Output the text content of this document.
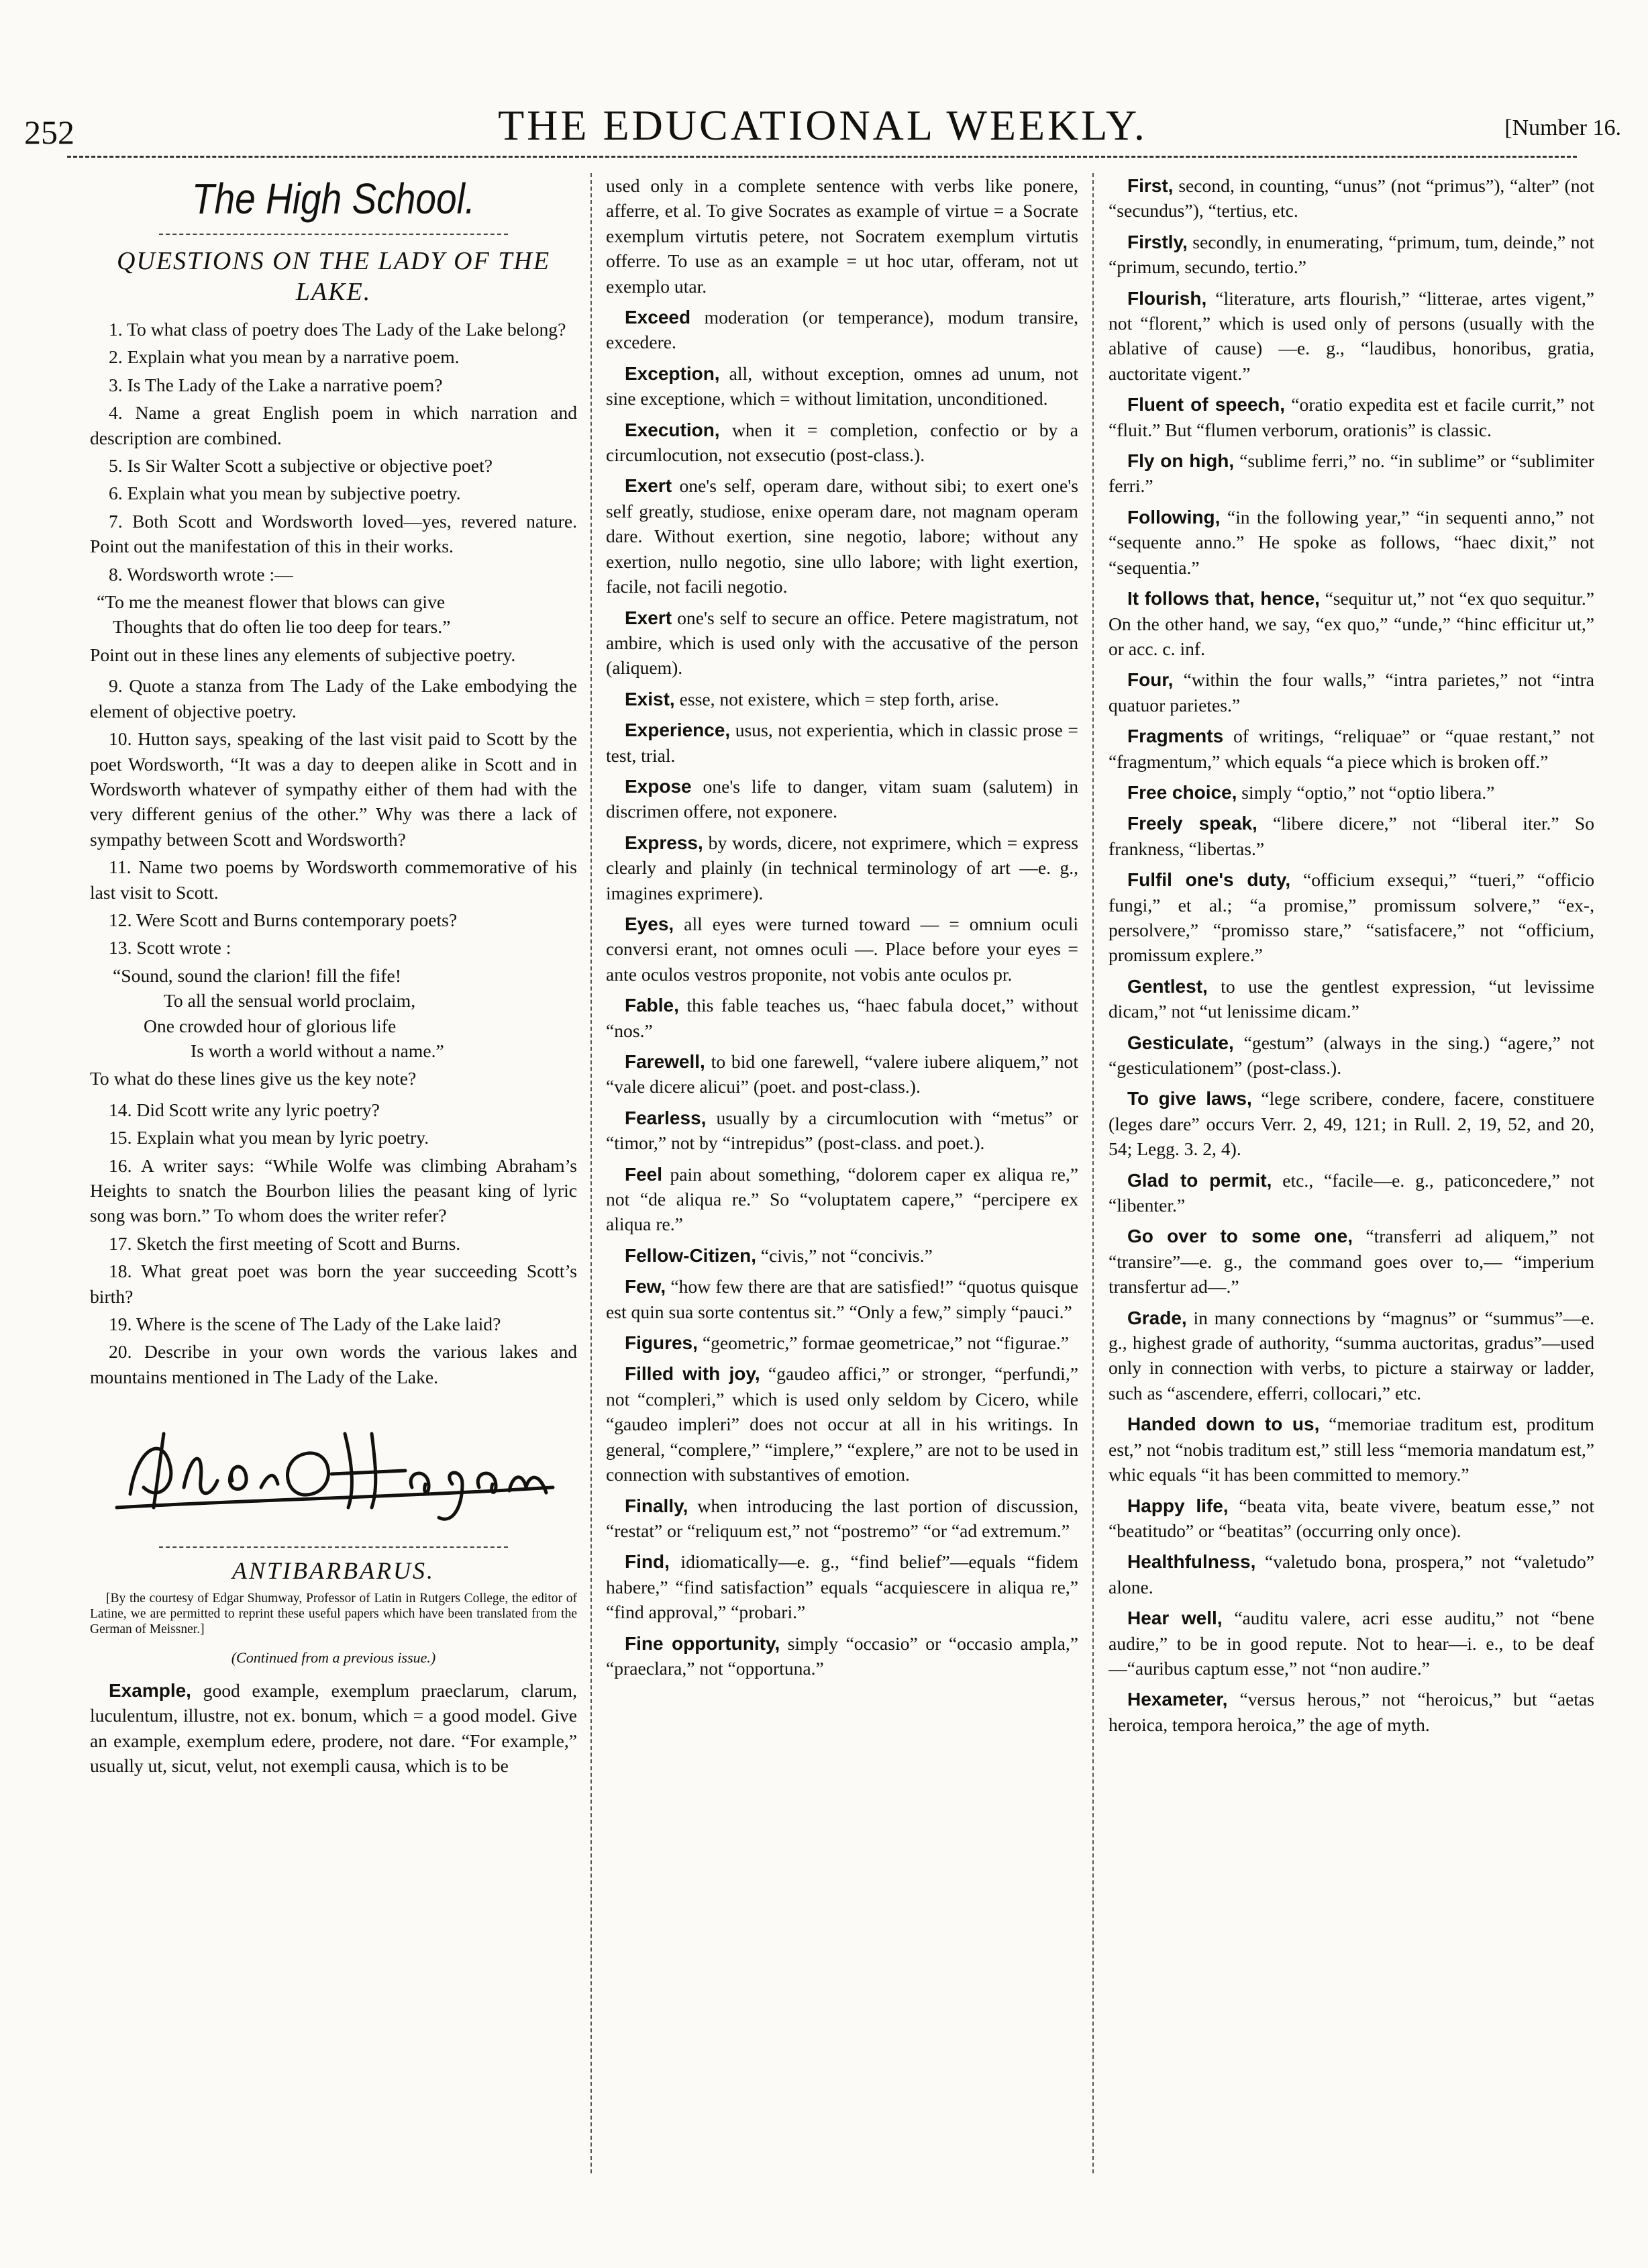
252	THE EDUCATIONAL WEEKLY.	[Number 16.
The High School.
QUESTIONS ON THE LADY OF THE LAKE.

1. To what class of poetry does The Lady of the Lake belong?

2. Explain what you mean by a narrative poem.

3. Is The Lady of the Lake a narrative poem?

4. Name a great English poem in which narration and description are combined.

5. Is Sir Walter Scott a subjective or objective poet?

6. Explain what you mean by subjective poetry.

7. Both Scott and Wordsworth loved—yes, revered nature. Point out the manifestation of this in their works.

8. Wordsworth wrote :—

“To me the meanest flower that blows can give
Thoughts that do often lie too deep for tears.”

Point out in these lines any elements of subjective poetry.

9. Quote a stanza from The Lady of the Lake embodying the element of objective poetry.

10. Hutton says, speaking of the last visit paid to Scott by the poet Wordsworth, “It was a day to deepen alike in Scott and in Wordsworth whatever of sympathy either of them had with the very different genius of the other.” Why was there a lack of sympathy between Scott and Wordsworth?

11. Name two poems by Wordsworth commemorative of his last visit to Scott.

12. Were Scott and Burns contemporary poets?

13. Scott wrote :

“Sound, sound the clarion! fill the fife!
To all the sensual world proclaim,
One crowded hour of glorious life
Is worth a world without a name.”

To what do these lines give us the key note?

14. Did Scott write any lyric poetry?

15. Explain what you mean by lyric poetry.

16. A writer says: “While Wolfe was climbing Abraham’s Heights to snatch the Bourbon lilies the peasant king of lyric song was born.” To whom does the writer refer?

17. Sketch the first meeting of Scott and Burns.

18. What great poet was born the year succeeding Scott’s birth?

19. Where is the scene of The Lady of the Lake laid?

20. Describe in your own words the various lakes and mountains mentioned in The Lady of the Lake.

ANTIBARBARUS.

[By the courtesy of Edgar Shumway, Professor of Latin in Rutgers College, the editor of Latine, we are permitted to reprint these useful papers which have been translated from the German of Meissner.]

(Continued from a previous issue.)

Example, good example, exemplum praeclarum, clarum, luculentum, illustre, not ex. bonum, which = a good model. Give an example, exemplum edere, prodere, not dare. “For example,” usually ut, sicut, velut, not exempli causa, which is to be

used only in a complete sentence with verbs like ponere, afferre, et al. To give Socrates as example of virtue = a Socrate exemplum virtutis petere, not Socratem exemplum virtutis offerre. To use as an example = ut hoc utar, offeram, not ut exemplo utar.

Exceed moderation (or temperance), modum transire, excedere.

Exception, all, without exception, omnes ad unum, not sine exceptione, which = without limitation, unconditioned.

Execution, when it = completion, confectio or by a circumlocution, not exsecutio (post-class.).

Exert one's self, operam dare, without sibi; to exert one's self greatly, studiose, enixe operam dare, not magnam operam dare. Without exertion, sine negotio, labore; without any exertion, nullo negotio, sine ullo labore; with light exertion, facile, not facili negotio.

Exert one's self to secure an office. Petere magistratum, not ambire, which is used only with the accusative of the person (aliquem).

Exist, esse, not existere, which = step forth, arise.

Experience, usus, not experientia, which in classic prose = test, trial.

Expose one's life to danger, vitam suam (salutem) in discrimen offere, not exponere.

Express, by words, dicere, not exprimere, which = express clearly and plainly (in technical terminology of art —e. g., imagines exprimere).

Eyes, all eyes were turned toward — = omnium oculi conversi erant, not omnes oculi —. Place before your eyes = ante oculos vestros proponite, not vobis ante oculos pr.

Fable, this fable teaches us, “haec fabula docet,” without “nos.”

Farewell, to bid one farewell, “valere iubere aliquem,” not “vale dicere alicui” (poet. and post-class.).

Fearless, usually by a circumlocution with “metus” or “timor,” not by “intrepidus” (post-class. and poet.).

Feel pain about something, “dolorem caper ex aliqua re,” not “de aliqua re.” So “voluptatem capere,” “percipere ex aliqua re.”

Fellow-Citizen, “civis,” not “concivis.”

Few, “how few there are that are satisfied!” “quotus quisque est quin sua sorte contentus sit.” “Only a few,” simply “pauci.”

Figures, “geometric,” formae geometricae,” not “figurae.”

Filled with joy, “gaudeo affici,” or stronger, “perfundi,” not “compleri,” which is used only seldom by Cicero, while “gaudeo impleri” does not occur at all in his writings. In general, “complere,” “implere,” “explere,” are not to be used in connection with substantives of emotion.

Finally, when introducing the last portion of discussion, “restat” or “reliquum est,” not “postremo” “or “ad extremum.”

Find, idiomatically—e. g., “find belief”—equals “fidem habere,” “find satisfaction” equals “acquiescere in aliqua re,” “find approval,” “probari.”

Fine opportunity, simply “occasio” or “occasio ampla,” “praeclara,” not “opportuna.”

First, second, in counting, “unus” (not “primus”), “alter” (not “secundus”), “tertius, etc.

Firstly, secondly, in enumerating, “primum, tum, deinde,” not “primum, secundo, tertio.”

Flourish, “literature, arts flourish,” “litterae, artes vigent,” not “florent,” which is used only of persons (usually with the ablative of cause) —e. g., “laudibus, honoribus, gratia, auctoritate vigent.”

Fluent of speech, “oratio expedita est et facile currit,” not “fluit.” But “flumen verborum, orationis” is classic.

Fly on high, “sublime ferri,” no. “in sublime” or “sublimiter ferri.”

Following, “in the following year,” “in sequenti anno,” not “sequente anno.” He spoke as follows, “haec dixit,” not “sequentia.”

It follows that, hence, “sequitur ut,” not “ex quo sequitur.” On the other hand, we say, “ex quo,” “unde,” “hinc efficitur ut,” or acc. c. inf.

Four, “within the four walls,” “intra parietes,” not “intra quatuor parietes.”

Fragments of writings, “reliquae” or “quae restant,” not “fragmentum,” which equals “a piece which is broken off.”

Free choice, simply “optio,” not “optio libera.”

Freely speak, “libere dicere,” not “liberal iter.” So frankness, “libertas.”

Fulfil one's duty, “officium exsequi,” “tueri,” “officio fungi,” et al.; “a promise,” promissum solvere,” “ex-, persolvere,” “promisso stare,” “satisfacere,” not “officium, promissum explere.”

Gentlest, to use the gentlest expression, “ut levissime dicam,” not “ut lenissime dicam.”

Gesticulate, “gestum” (always in the sing.) “agere,” not “gesticulationem” (post-class.).

To give laws, “lege scribere, condere, facere, constituere (leges dare” occurs Verr. 2, 49, 121; in Rull. 2, 19, 52, and 20, 54; Legg. 3. 2, 4).

Glad to permit, etc., “facile—e. g., paticoncedere,” not “libenter.”

Go over to some one, “transferri ad aliquem,” not “transire”—e. g., the command goes over to,— “imperium transfertur ad—.”

Grade, in many connections by “magnus” or “summus”—e. g., highest grade of authority, “summa auctoritas, gradus”—used only in connection with verbs, to picture a stairway or ladder, such as “ascendere, efferri, collocari,” etc.

Handed down to us, “memoriae traditum est, proditum est,” not “nobis traditum est,” still less “memoria mandatum est,” whic equals “it has been committed to memory.”

Happy life, “beata vita, beate vivere, beatum esse,” not “beatitudo” or “beatitas” (occurring only once).

Healthfulness, “valetudo bona, prospera,” not “valetudo” alone.

Hear well, “auditu valere, acri esse auditu,” not “bene audire,” to be in good repute. Not to hear—i. e., to be deaf—“auribus captum esse,” not “non audire.”

Hexameter, “versus herous,” not “heroicus,” but “aetas heroica, tempora heroica,” the age of myth.
